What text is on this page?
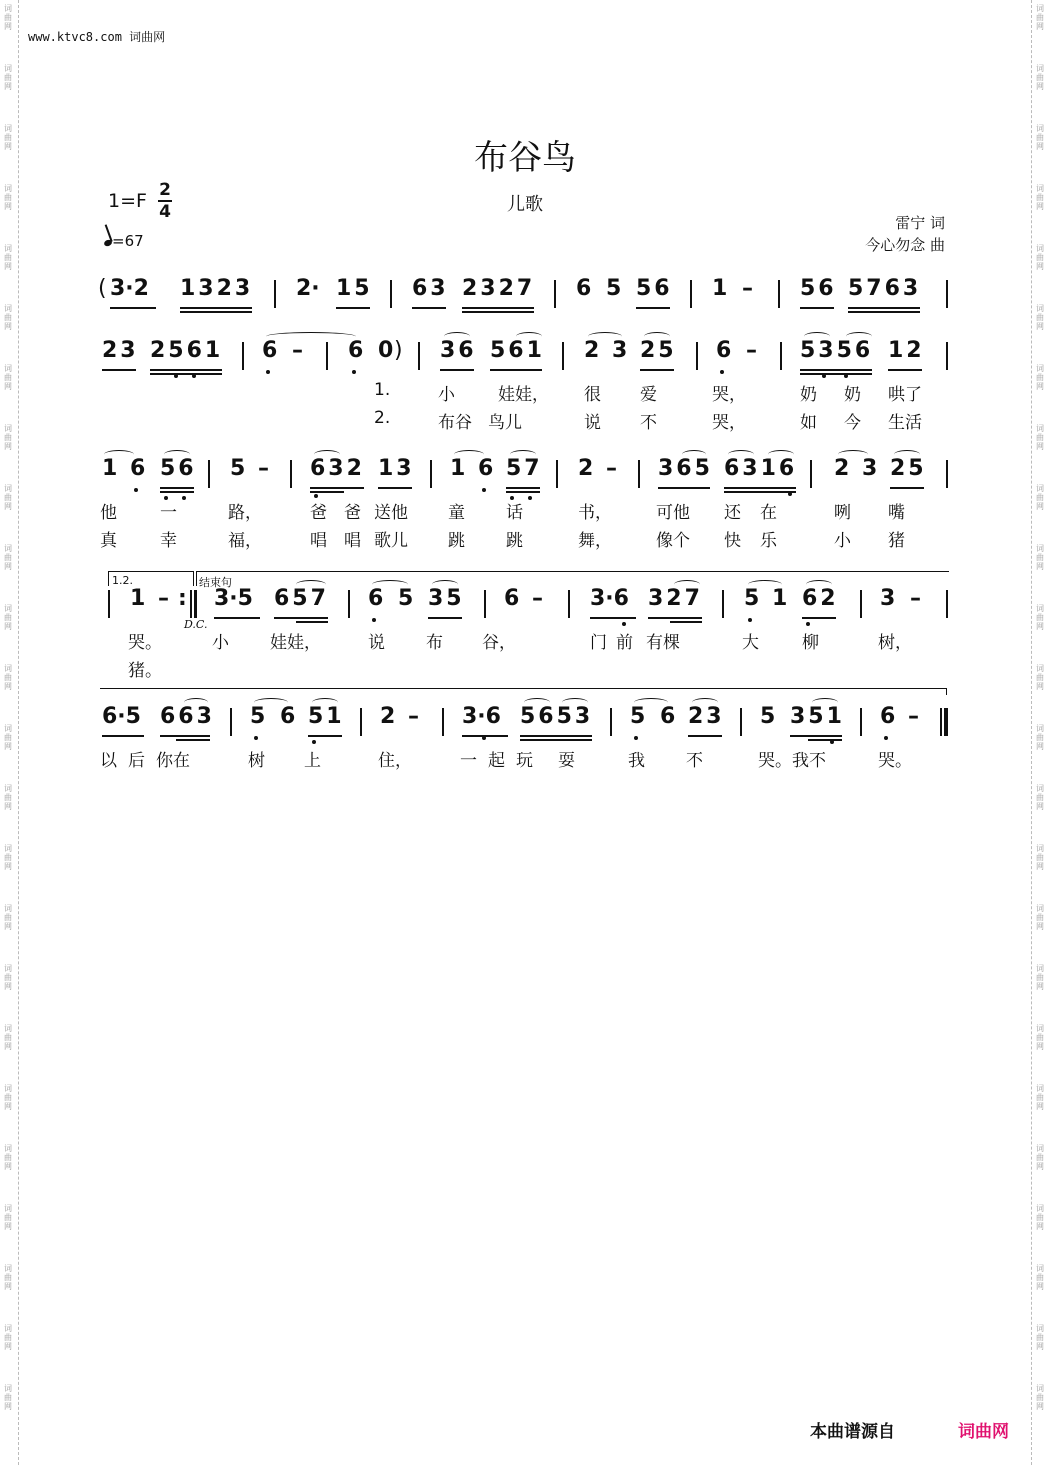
词
曲
网
词
曲
网
词
曲
网
词
曲
网
词
曲
网
词
曲
网
词
曲
网
词
曲
网
词
曲
网
词
曲
网
词
曲
网
词
曲
网
词
曲
网
词
曲
网
词
曲
网
词
曲
网
词
曲
网
词
曲
网
词
曲
网
词
曲
网
词
曲
网
词
曲
网
词
曲
网
词
曲
网
词
曲
网
词
曲
网
词
曲
网
词
曲
网
词
曲
网
词
曲
网
词
曲
网
词
曲
网
词
曲
网
词
曲
网
词
曲
网
词
曲
网
词
曲
网
词
曲
网
词
曲
网
词
曲
网
词
曲
网
词
曲
网
词
曲
网
词
曲
网
词
曲
网
词
曲
网
词
曲
网
词
曲
网
www.ktvc8.com 词曲网
布谷鸟
儿歌
1=F 2
4
=67
雷宁 词
今心勿念 曲
( 3·2 1323 2· 15 63 2327 6 5 56 1 – 56 5763
23 2561 6 – 6 0 ) 36 561 2 3 25 6 – 5356 12
1.	小	娃娃， 很 爱	哭，	奶 奶 哄了
2.	布谷 鸟儿	说 不	哭，	如 今 生活
1 6 56 5 – 632 13 1 6 57 2 – 365 6316 2 3 25
他	一	路，	爸 爸 送他 童 话	书，	可他 还 在	咧 嘴
真	幸	福，	唱 唱 歌儿 跳 跳	舞，	像个 快 乐	小 猪
1.2.	结束句
D.C.
1 – : 3·5 657 6 5 35 6 – 3·6 327 5 1 62 3 –
哭。	小 娃娃，	说 布 谷，	门 前 有棵	大	柳	树，
猪。
6·5 663 5 6 51 2 – 3·6 5653 5 6 23 5 351 6 –
以 后 你在	树 上	住，	一 起 玩 耍	我 不	哭。我不	哭。
本曲谱源自	词曲网
